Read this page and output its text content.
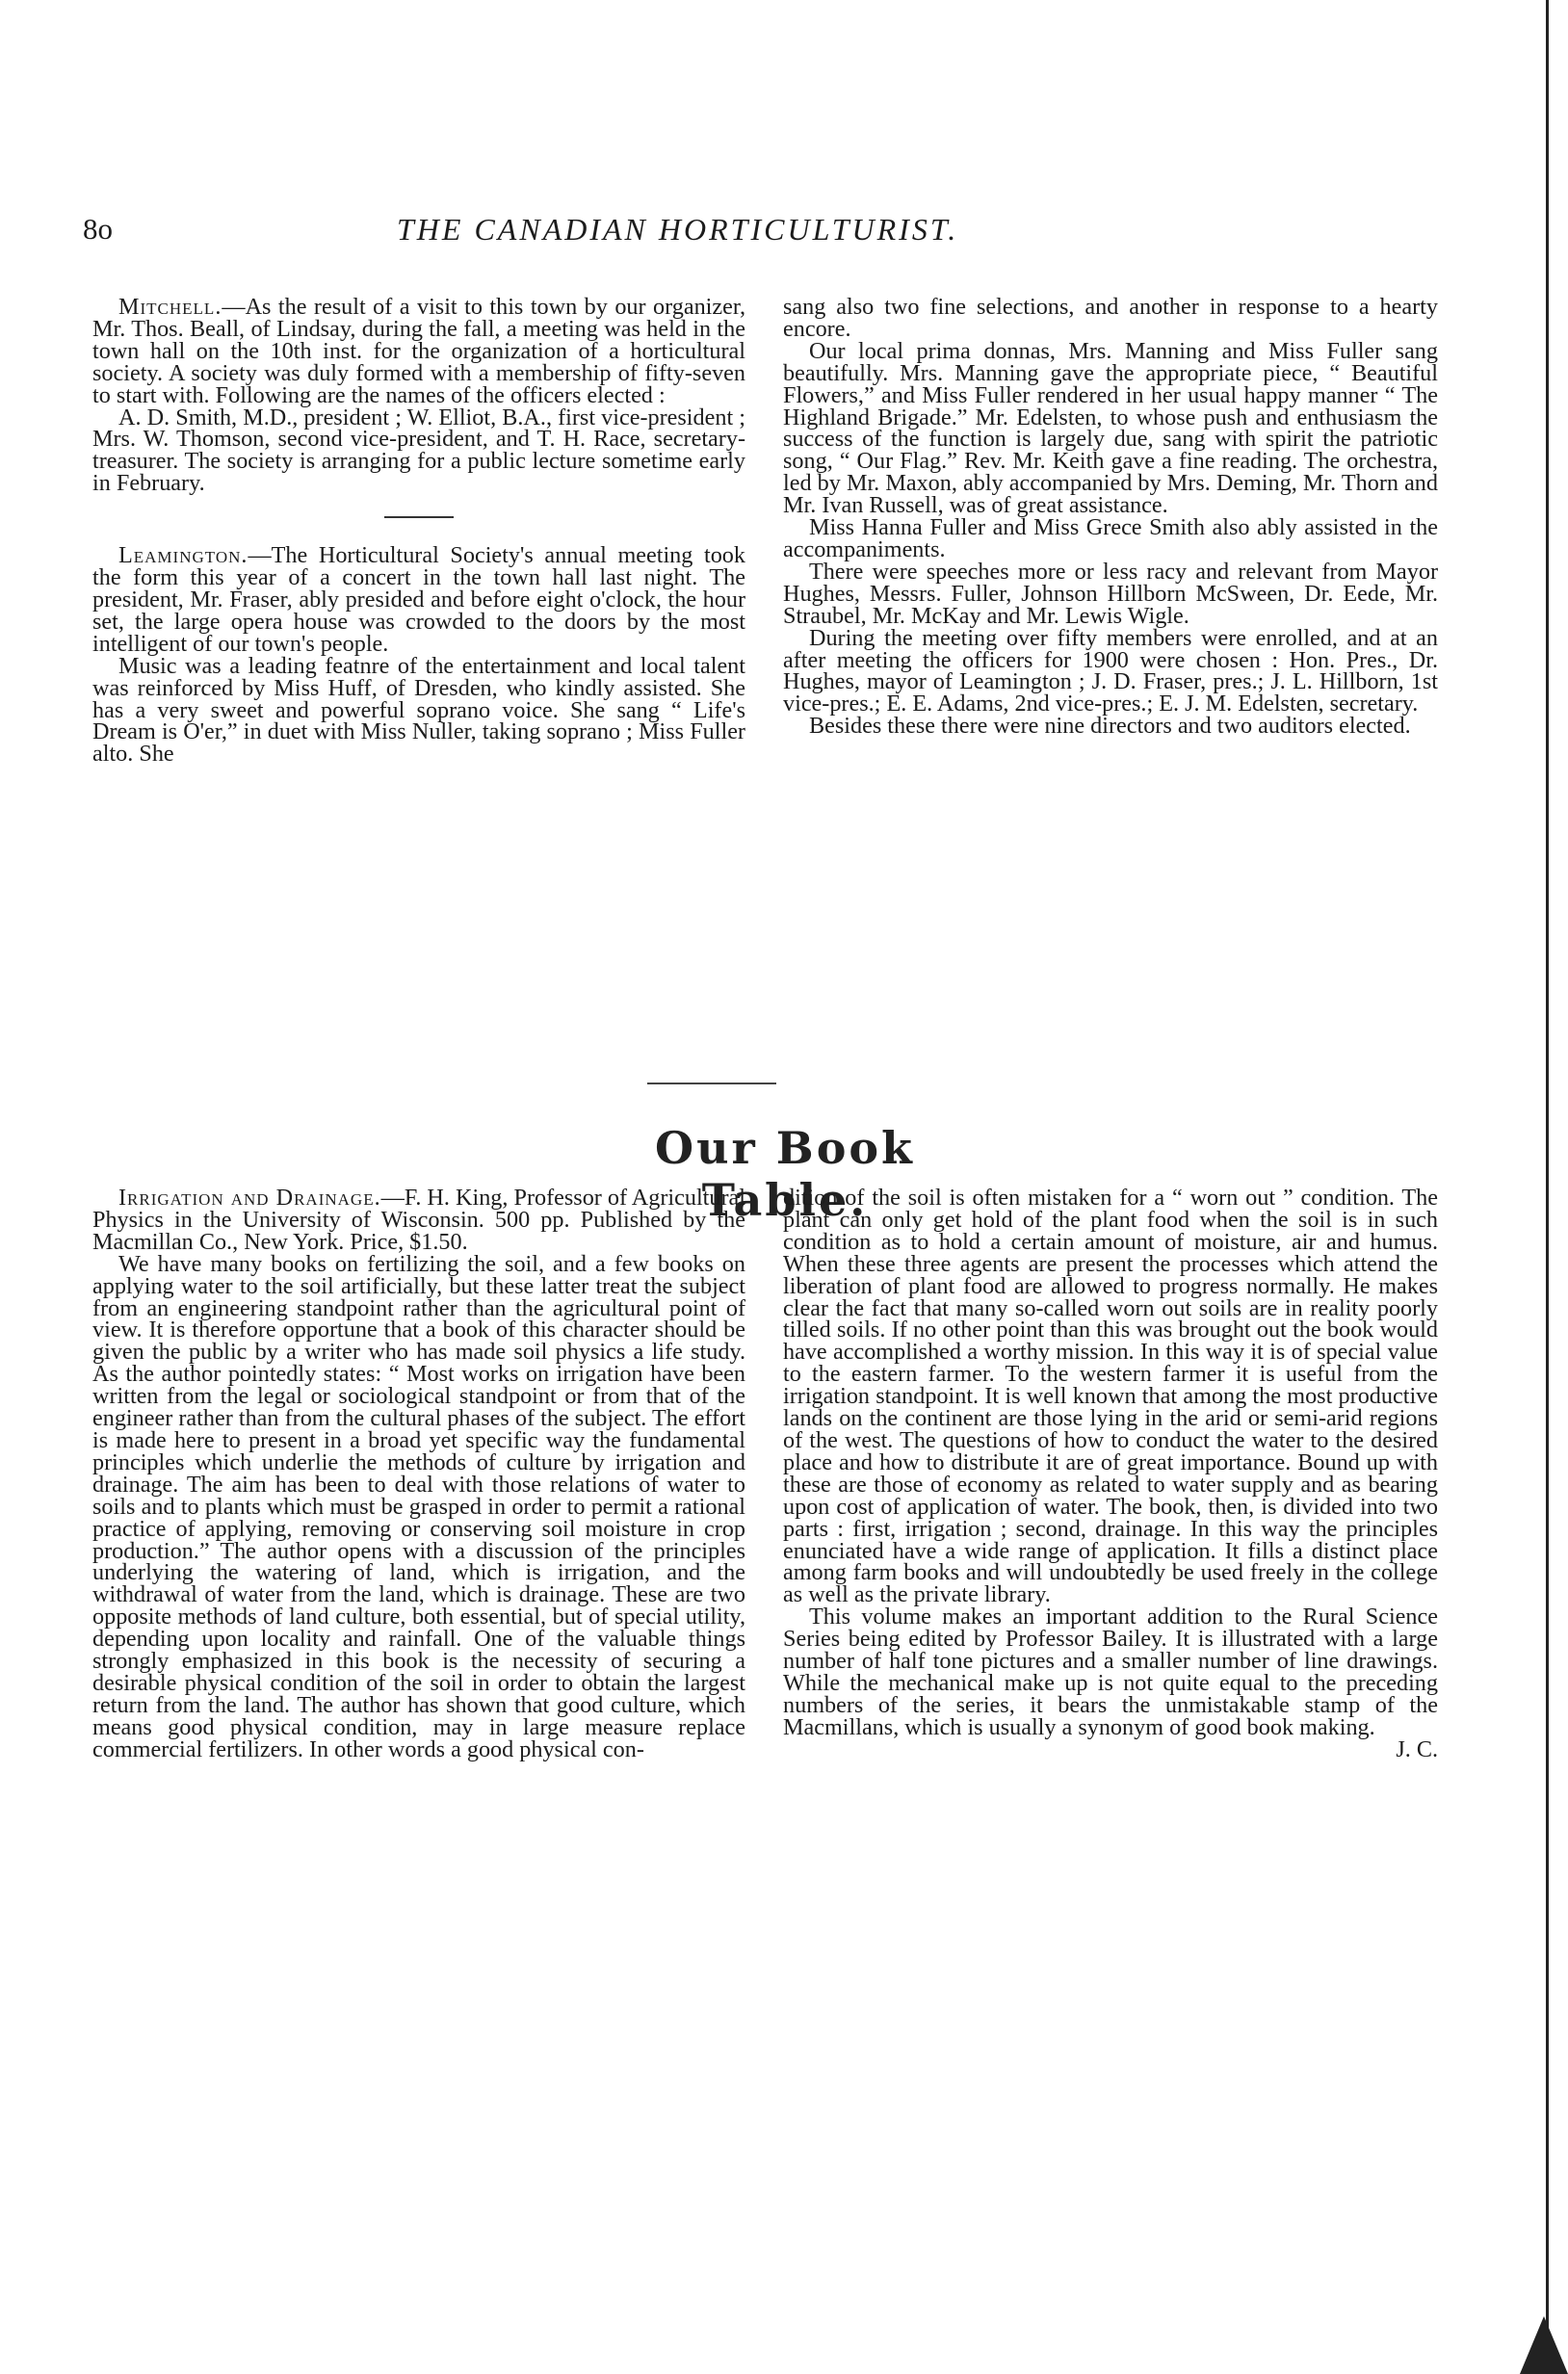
8o	THE CANADIAN HORTICULTURIST.

Mitchell.—As the result of a visit to this town by our organizer, Mr. Thos. Beall, of Lindsay, during the fall, a meeting was held in the town hall on the 10th inst. for the organization of a horticultural society. A society was duly formed with a membership of fifty-seven to start with. Following are the names of the officers elected :

A. D. Smith, M.D., president ; W. Elliot, B.A., first vice-president ; Mrs. W. Thomson, second vice-president, and T. H. Race, secretary-treasurer. The society is arranging for a public lecture sometime early in February.

Leamington.—The Horticultural Society's annual meeting took the form this year of a concert in the town hall last night. The president, Mr. Fraser, ably presided and before eight o'clock, the hour set, the large opera house was crowded to the doors by the most intelligent of our town's people.

Music was a leading featnre of the entertainment and local talent was reinforced by Miss Huff, of Dresden, who kindly assisted. She has a very sweet and powerful soprano voice. She sang “ Life's Dream is O'er,” in duet with Miss Nuller, taking soprano ; Miss Fuller alto. She

sang also two fine selections, and another in response to a hearty encore.

Our local prima donnas, Mrs. Manning and Miss Fuller sang beautifully. Mrs. Manning gave the appropriate piece, “ Beautiful Flowers,” and Miss Fuller rendered in her usual happy manner “ The Highland Brigade.” Mr. Edelsten, to whose push and enthusiasm the success of the function is largely due, sang with spirit the patriotic song, “ Our Flag.” Rev. Mr. Keith gave a fine reading. The orchestra, led by Mr. Maxon, ably accompanied by Mrs. Deming, Mr. Thorn and Mr. Ivan Russell, was of great assistance.

Miss Hanna Fuller and Miss Grece Smith also ably assisted in the accompaniments.

There were speeches more or less racy and relevant from Mayor Hughes, Messrs. Fuller, Johnson Hillborn McSween, Dr. Eede, Mr. Straubel, Mr. McKay and Mr. Lewis Wigle.

During the meeting over fifty members were enrolled, and at an after meeting the officers for 1900 were chosen : Hon. Pres., Dr. Hughes, mayor of Leamington ; J. D. Fraser, pres.; J. L. Hillborn, 1st vice-pres.; E. E. Adams, 2nd vice-pres.; E. J. M. Edelsten, secretary.

Besides these there were nine directors and two auditors elected.

Our Book Table.

Irrigation and Drainage.—F. H. King, Professor of Agricultural Physics in the University of Wisconsin. 500 pp. Published by the Macmillan Co., New York. Price, $1.50.

We have many books on fertilizing the soil, and a few books on applying water to the soil artificially, but these latter treat the subject from an engineering standpoint rather than the agricultural point of view. It is therefore opportune that a book of this character should be given the public by a writer who has made soil physics a life study. As the author pointedly states: “ Most works on irrigation have been written from the legal or sociological standpoint or from that of the engineer rather than from the cultural phases of the subject. The effort is made here to present in a broad yet specific way the fundamental principles which underlie the methods of culture by irrigation and drainage. The aim has been to deal with those relations of water to soils and to plants which must be grasped in order to permit a rational practice of applying, removing or conserving soil moisture in crop production.” The author opens with a discussion of the principles underlying the watering of land, which is irrigation, and the withdrawal of water from the land, which is drainage. These are two opposite methods of land culture, both essential, but of special utility, depending upon locality and rainfall. One of the valuable things strongly emphasized in this book is the necessity of securing a desirable physical condition of the soil in order to obtain the largest return from the land. The author has shown that good culture, which means good physical condition, may in large measure replace commercial fertilizers. In other words a good physical con-

dition of the soil is often mistaken for a “ worn out ” condition. The plant can only get hold of the plant food when the soil is in such condition as to hold a certain amount of moisture, air and humus. When these three agents are present the processes which attend the liberation of plant food are allowed to progress normally. He makes clear the fact that many so-called worn out soils are in reality poorly tilled soils. If no other point than this was brought out the book would have accomplished a worthy mission. In this way it is of special value to the eastern farmer. To the western farmer it is useful from the irrigation standpoint. It is well known that among the most productive lands on the continent are those lying in the arid or semi-arid regions of the west. The questions of how to conduct the water to the desired place and how to distribute it are of great importance. Bound up with these are those of economy as related to water supply and as bearing upon cost of application of water. The book, then, is divided into two parts : first, irrigation ; second, drainage. In this way the principles enunciated have a wide range of application. It fills a distinct place among farm books and will undoubtedly be used freely in the college as well as the private library.

This volume makes an important addition to the Rural Science Series being edited by Professor Bailey. It is illustrated with a large number of half tone pictures and a smaller number of line drawings. While the mechanical make up is not quite equal to the preceding numbers of the series, it bears the unmistakable stamp of the Macmillans, which is usually a synonym of good book making.

J. C.
